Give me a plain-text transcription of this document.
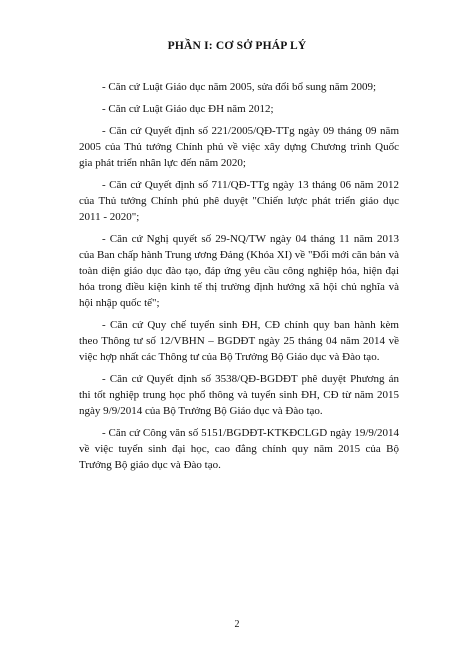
PHẦN I: CƠ SỞ PHÁP LÝ

- Căn cứ Luật Giáo dục năm 2005, sửa đổi bổ sung năm 2009;

- Căn cứ Luật Giáo dục ĐH năm 2012;

- Căn cứ Quyết định số 221/2005/QĐ-TTg ngày 09 tháng 09 năm 2005 của Thủ tướng Chính phủ về việc xây dựng Chương trình Quốc gia phát triển nhân lực đến năm 2020;

- Căn cứ Quyết định số 711/QĐ-TTg ngày 13 tháng 06 năm 2012 của Thủ tướng Chính phủ phê duyệt "Chiến lược phát triển giáo dục 2011 - 2020";

- Căn cứ Nghị quyết số 29-NQ/TW ngày 04 tháng 11 năm 2013 của Ban chấp hành Trung ương Đảng (Khóa XI) về "Đổi mới căn bản và toàn diện giáo dục đào tạo, đáp ứng yêu cầu công nghiệp hóa, hiện đại hóa trong điều kiện kinh tế thị trường định hướng xã hội chủ nghĩa và hội nhập quốc tế";

- Căn cứ Quy chế tuyển sinh ĐH, CĐ chính quy ban hành kèm theo Thông tư số 12/VBHN – BGDĐT ngày 25 tháng 04 năm 2014 về việc hợp nhất các Thông tư của Bộ Trưởng Bộ Giáo dục và Đào tạo.

- Căn cứ Quyết định số 3538/QĐ-BGDĐT phê duyệt Phương án thi tốt nghiệp trung học phổ thông và tuyển sinh ĐH, CĐ từ năm 2015 ngày 9/9/2014 của Bộ Trưởng Bộ Giáo dục và Đào tạo.

- Căn cứ Công văn số 5151/BGDĐT-KTKĐCLGD ngày 19/9/2014 về việc tuyển sinh đại học, cao đẳng chính quy năm 2015 của Bộ Trưởng Bộ giáo dục và Đào tạo.

2
